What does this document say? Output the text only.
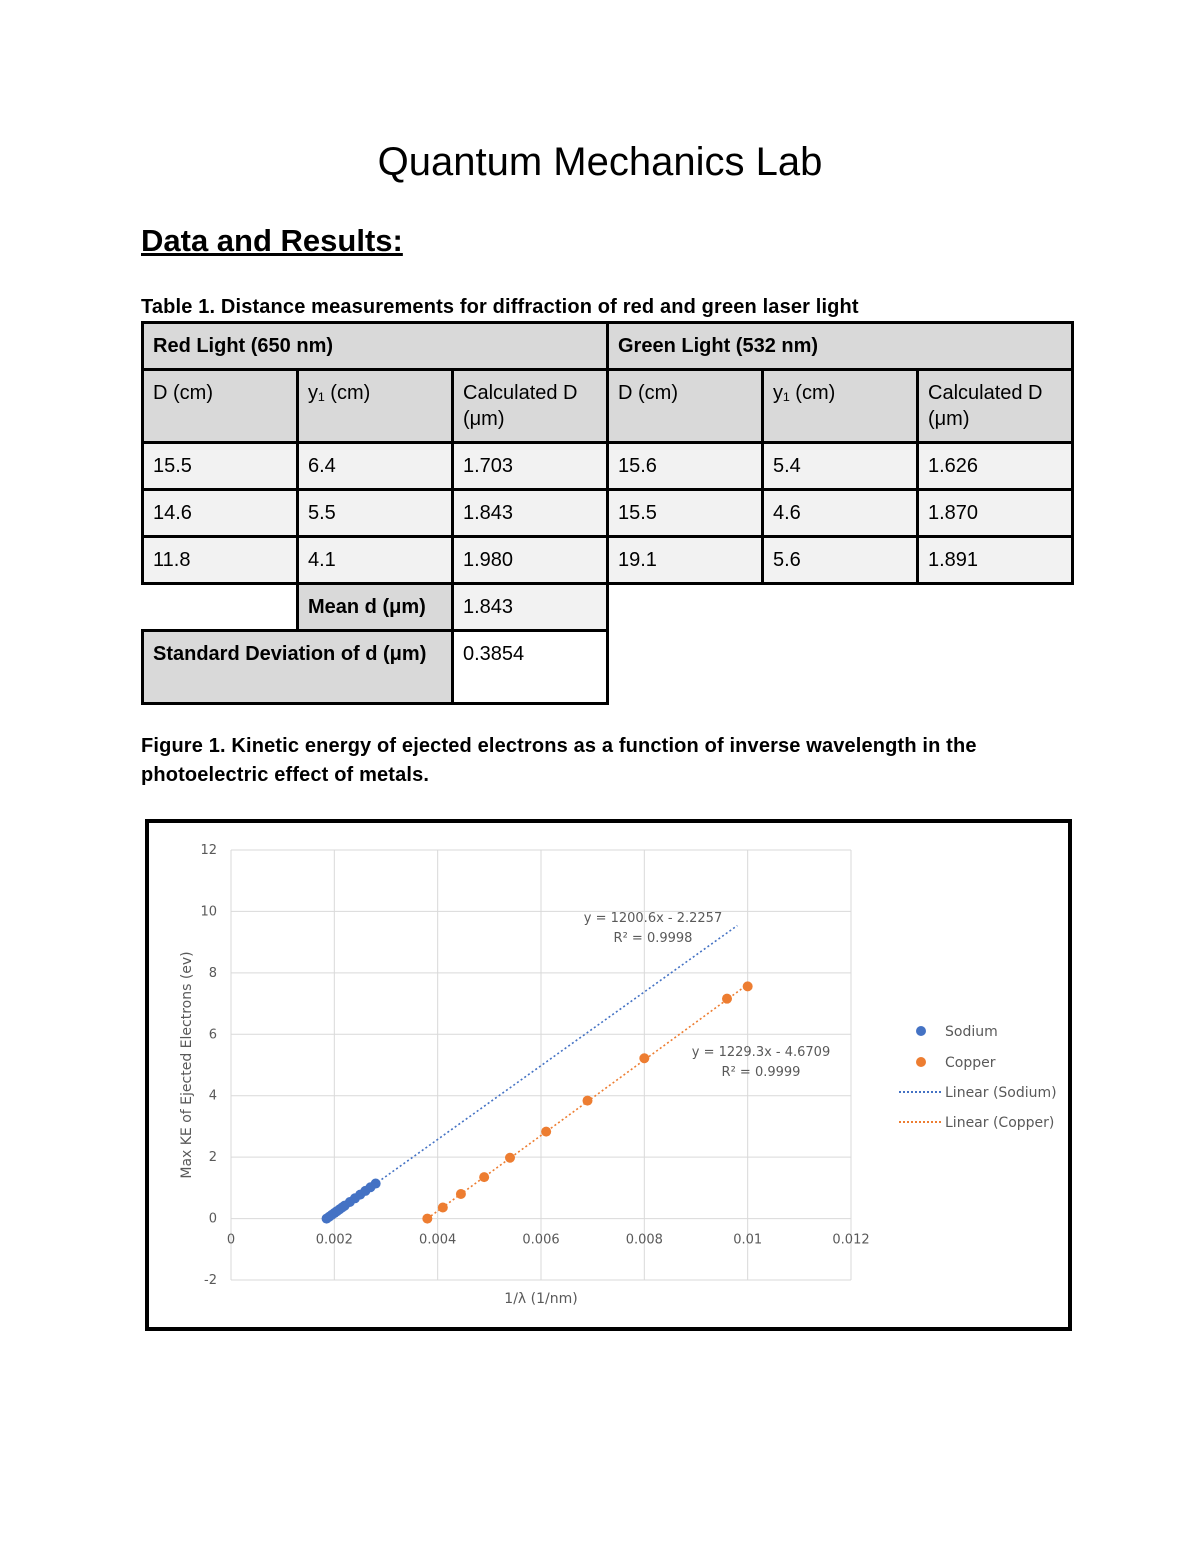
Quantum Mechanics Lab
Data and Results:
Table 1. Distance measurements for diffraction of red and green laser light
Red Light (650 nm)			Green Light (532 nm)		
D (cm)	y₁ (cm)	Calculated D (μm)	D (cm)	y₁ (cm)	Calculated D (μm)
15.5	6.4	1.703	15.6	5.4	1.626
14.6	5.5	1.843	15.5	4.6	1.870
11.8	4.1	1.980	19.1	5.6	1.891
	Mean d (μm)	1.843			
Standard Deviation of d (μm)		0.3854			
Figure 1. Kinetic energy of ejected electrons as a function of inverse wavelength in the photoelectric effect of metals.
0	0.002	0.004	0.006	0.008	0.01	0.012
-2
0
2
4
6
8
10
12
1/λ (1/nm)
Max KE of Ejected Electrons (ev)
y = 1200.6x - 2.2257
R² = 0.9998
y = 1229.3x - 4.6709
R² = 0.9999
Sodium
Copper
Linear (Sodium)
Linear (Copper)
